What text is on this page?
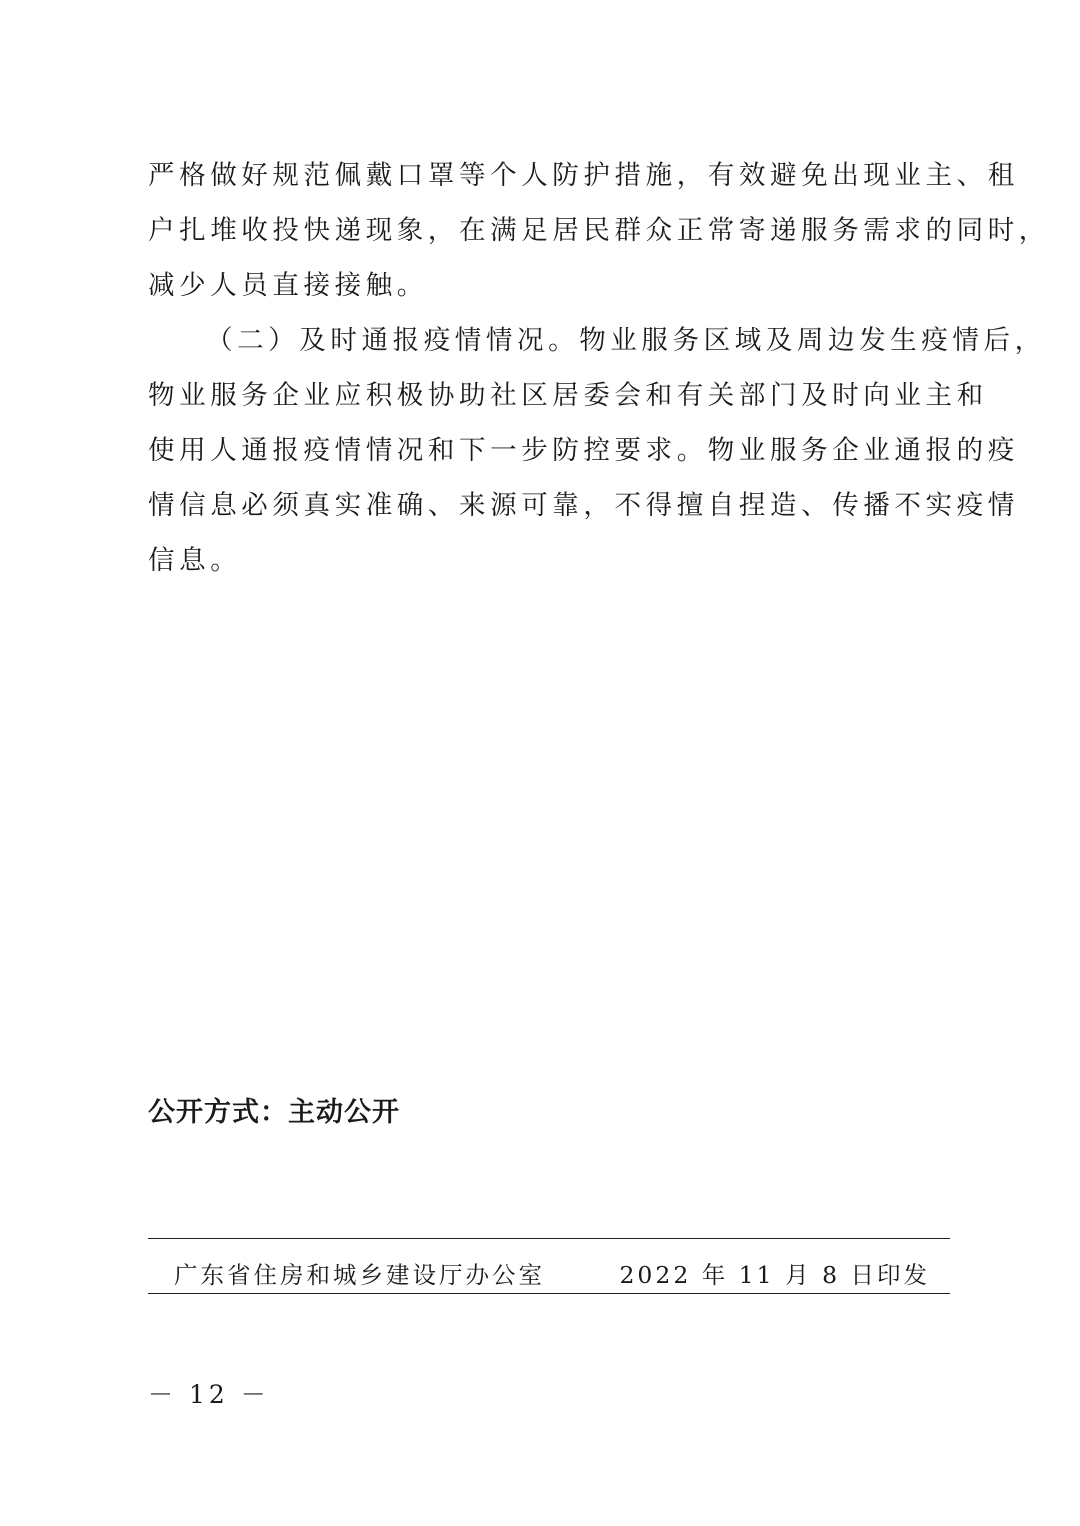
严格做好规范佩戴口罩等个人防护措施，有效避免出现业主、租
户扎堆收投快递现象，在满足居民群众正常寄递服务需求的同时，
减少人员直接接触。

（二）及时通报疫情情况。物业服务区域及周边发生疫情后，
物业服务企业应积极协助社区居委会和有关部门及时向业主和
使用人通报疫情情况和下一步防控要求。物业服务企业通报的疫
情信息必须真实准确、来源可靠，不得擅自捏造、传播不实疫情
信息。

公开方式：主动公开

广东省住房和城乡建设厅办公室	2022 年 11 月 8 日印发

－ 12 －
